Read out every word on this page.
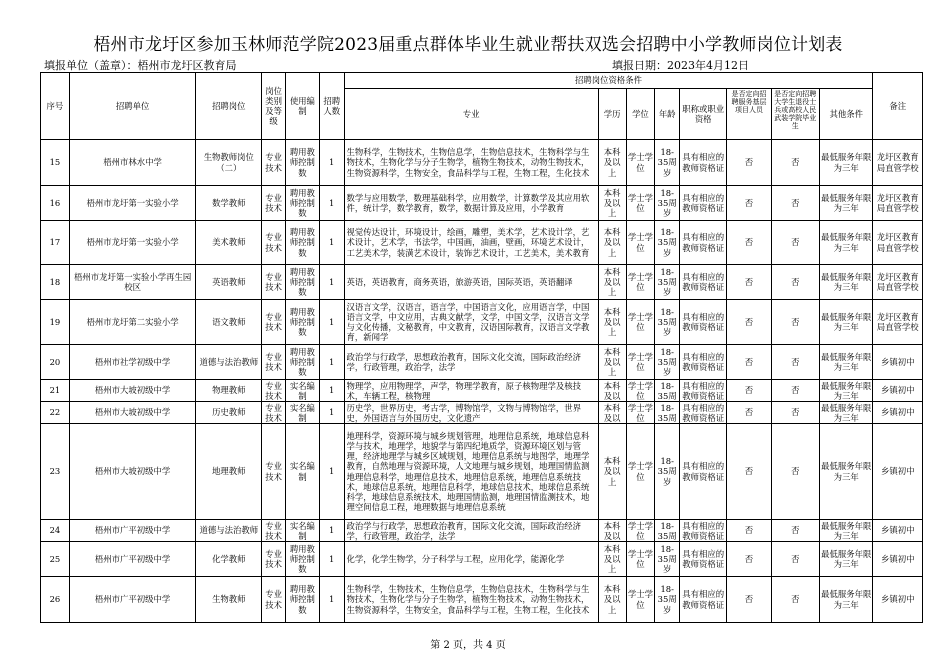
梧州市龙圩区参加玉林师范学院2023届重点群体毕业生就业帮扶双选会招聘中小学教师岗位计划表
填报单位（盖章）：梧州市龙圩区教育局	填报日期：2023年4月12日
序号	招聘单位	招聘岗位	岗位类别及等级	使用编制	招聘人数	招聘岗位资格条件								备注
						专业	学历	学位	年龄	职称或职业资格	是否定向招聘服务基层项目人员	是否定向招聘大学生退役士兵或高校人民武装学院毕业生	其他条件	

15	梧州市林水中学	生物教师岗位（二）	专业技术	聘用教师控制数	1	生物科学，生物技术，生物信息学，生物信息技术，生物科学与生物技术，生物化学与分子生物学，植物生物技术，动物生物技术，生物资源科学，生物安全，食品科学与工程，生物工程，生化技术	本科及以上	学士学位	18-35周岁	具有相应的教师资格证	否	否	最低服务年限为三年	龙圩区教育局直管学校

16	梧州市龙圩第一实验小学	数学教师	专业技术	聘用教师控制数	1	数学与应用数学，数理基础科学，应用数学，计算数学及其应用软件，统计学，数学教育，数学，数据计算及应用，小学教育	本科及以上	学士学位	18-35周岁	具有相应的教师资格证	否	否	最低服务年限为三年	龙圩区教育局直管学校

17	梧州市龙圩第一实验小学	美术教师	专业技术	聘用教师控制数	1	视觉传达设计，环境设计，绘画，雕塑，美术学，艺术设计学，艺术设计，艺术学，书法学，中国画，油画，壁画，环境艺术设计，工艺美术学，装潢艺术设计，装饰艺术设计，工艺美术，美术教育	本科及以上	学士学位	18-35周岁	具有相应的教师资格证	否	否	最低服务年限为三年	龙圩区教育局直管学校

18	梧州市龙圩第一实验小学再生园校区	英语教师	专业技术	聘用教师控制数	1	英语，英语教育，商务英语，旅游英语，国际英语，英语翻译	本科及以上	学士学位	18-35周岁	具有相应的教师资格证	否	否	最低服务年限为三年	龙圩区教育局直管学校

19	梧州市龙圩第二实验小学	语文教师	专业技术	聘用教师控制数	1	汉语言文学，汉语言，语言学，中国语言文化，应用语言学，中国语言文学，中文应用，古典文献学，文学，中国文学，汉语言文学与文化传播，文秘教育，中文教育，汉语国际教育，汉语言文学教育，新闻学	本科及以上	学士学位	18-35周岁	具有相应的教师资格证	否	否	最低服务年限为三年	龙圩区教育局直管学校

20	梧州市社学初级中学	道德与法治教师	专业技术	聘用教师控制数	1	政治学与行政学，思想政治教育，国际文化交流，国际政治经济学，行政管理，政治学，法学	本科及以上	学士学位	18-35周岁	具有相应的教师资格证	否	否	最低服务年限为三年	乡镇初中

21	梧州市大坡初级中学	物理教师	专业技术	实名编制	1	物理学，应用物理学，声学，物理学教育，原子核物理学及核技术，车辆工程，核物理	本科及以	学士学位	18-35周	具有相应的教师资格证	否	否	最低服务年限为三年	乡镇初中

22	梧州市大坡初级中学	历史教师	专业技术	实名编制	1	历史学，世界历史，考古学，博物馆学，文物与博物馆学，世界史，外国语言与外国历史，文化遗产	本科及以	学士学位	18-35周	具有相应的教师资格证	否	否	最低服务年限为三年	乡镇初中

23	梧州市大坡初级中学	地理教师	专业技术	实名编制	1	地理科学，资源环境与城乡规划管理，地理信息系统，地球信息科学与技术，地理学，地貌学与第四纪地质学，资源环境区划与管理，经济地理学与城乡区域规划，地理信息系统与地图学，地理学教育，自然地理与资源环境，人文地理与城乡规划，地理国情监测地理信息科学，地理信息技术，地理信息系统，地理信息系统技术，地球信息系统，地理信息科学，地球信息技术，地球信息系统科学，地球信息系统技术，地理国情监测，地理国情监测技术，地理空间信息工程，地理数据与地理信息系统	本科及以上	学士学位	18-35周岁	具有相应的教师资格证	否	否	最低服务年限为三年	乡镇初中

24	梧州市广平初级中学	道德与法治教师	专业技术	实名编制	1	政治学与行政学，思想政治教育，国际文化交流，国际政治经济学，行政管理，政治学，法学	本科及以	学士学位	18-35周	具有相应的教师资格证	否	否	最低服务年限为三年	乡镇初中

25	梧州市广平初级中学	化学教师	专业技术	聘用教师控制数	1	化学，化学生物学，分子科学与工程，应用化学，能源化学	本科及以上	学士学位	18-35周岁	具有相应的教师资格证	否	否	最低服务年限为三年	乡镇初中

26	梧州市广平初级中学	生物教师	专业技术	聘用教师控制数	1	生物科学，生物技术，生物信息学，生物信息技术，生物科学与生物技术，生物化学与分子生物学，植物生物技术，动物生物技术，生物资源科学，生物安全，食品科学与工程，生物工程，生化技术	本科及以上	学士学位	18-35周岁	具有相应的教师资格证	否	否	最低服务年限为三年	乡镇初中
第 2 页，共 4 页
